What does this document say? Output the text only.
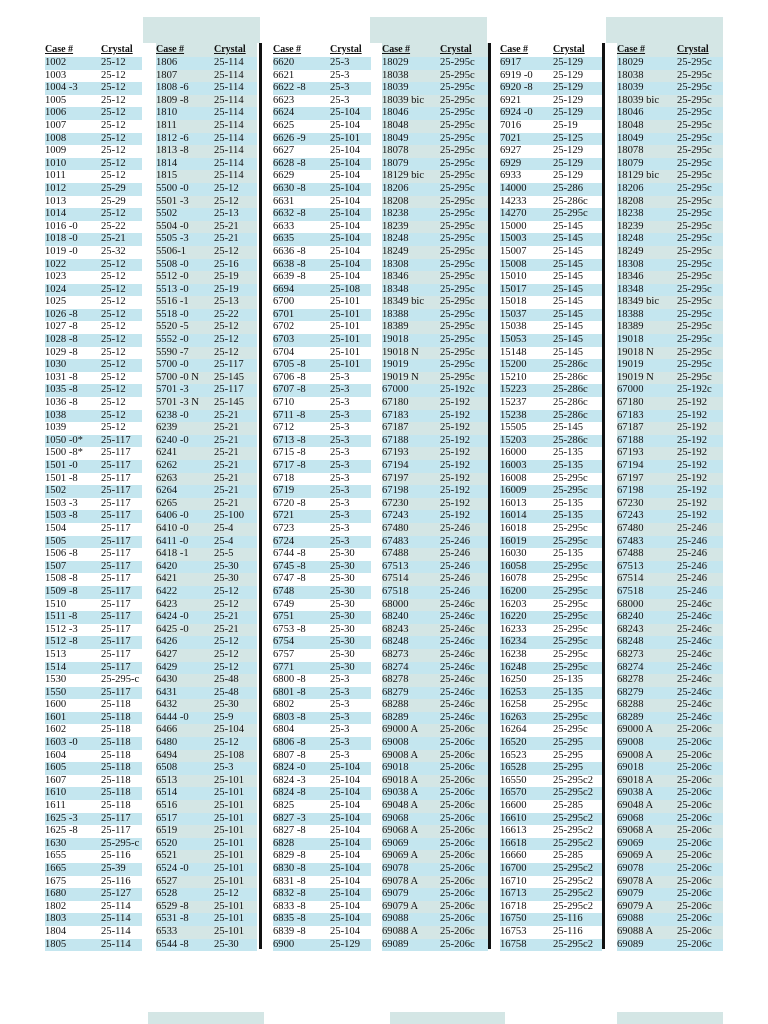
Case #	Crystal
1002	25-12
1003	25-12
1004 -3	25-12
1005	25-12
1006	25-12
1007	25-12
1008	25-12
1009	25-12
1010	25-12
1011	25-12
1012	25-29
1013	25-29
1014	25-12
1016 -0	25-22
1018 -0	25-21
1019 -0	25-32
1022	25-12
1023	25-12
1024	25-12
1025	25-12
1026 -8	25-12
1027 -8	25-12
1028 -8	25-12
1029 -8	25-12
1030	25-12
1031 -8	25-12
1035 -8	25-12
1036 -8	25-12
1038	25-12
1039	25-12
1050 -0*	25-117
1500 -8*	25-117
1501 -0	25-117
1501 -8	25-117
1502	25-117
1503 -3	25-117
1503 -8	25-117
1504	25-117
1505	25-117
1506 -8	25-117
1507	25-117
1508 -8	25-117
1509 -8	25-117
1510	25-117
1511 -8	25-117
1512 -3	25-117
1512 -8	25-117
1513	25-117
1514	25-117
1530	25-295-c
1550	25-117
1600	25-118
1601	25-118
1602	25-118
1603 -0	25-118
1604	25-118
1605	25-118
1607	25-118
1610	25-118
1611	25-118
1625 -3	25-117
1625 -8	25-117
1630	25-295-c
1655	25-116
1665	25-39
1675	25-116
1680	25-127
1802	25-114
1803	25-114
1804	25-114
1805	25-114
Case #	Crystal
1806	25-114
1807	25-114
1808 -6	25-114
1809 -8	25-114
1810	25-114
1811	25-114
1812 -6	25-114
1813 -8	25-114
1814	25-114
1815	25-114
5500 -0	25-12
5501 -3	25-12
5502	25-13
5504 -0	25-21
5505 -3	25-21
5506-1	25-12
5508 -0	25-16
5512 -0	25-19
5513 -0	25-19
5516 -1	25-13
5518 -0	25-22
5520 -5	25-12
5552 -0	25-12
5590 -7	25-12
5700 -0	25-117
5700 -0 N	25-145
5701 -3	25-117
5701 -3 N	25-145
6238 -0	25-21
6239	25-21
6240 -0	25-21
6241	25-21
6262	25-21
6263	25-21
6264	25-21
6265	25-21
6406 -0	25-100
6410 -0	25-4
6411 -0	25-4
6418 -1	25-5
6420	25-30
6421	25-30
6422	25-12
6423	25-12
6424 -0	25-21
6425 -0	25-21
6426	25-12
6427	25-12
6429	25-12
6430	25-48
6431	25-48
6432	25-30
6444 -0	25-9
6466	25-104
6480	25-12
6494	25-108
6508	25-3
6513	25-101
6514	25-101
6516	25-101
6517	25-101
6519	25-101
6520	25-101
6521	25-101
6524 -0	25-101
6527	25-101
6528	25-12
6529 -8	25-101
6531 -8	25-101
6533	25-101
6544 -8	25-30
Case #	Crystal
6620	25-3
6621	25-3
6622 -8	25-3
6623	25-3
6624	25-104
6625	25-104
6626 -9	25-101
6627	25-104
6628 -8	25-104
6629	25-104
6630 -8	25-104
6631	25-104
6632 -8	25-104
6633	25-104
6635	25-104
6636 -8	25-104
6638 -8	25-104
6639 -8	25-104
6694	25-108
6700	25-101
6701	25-101
6702	25-101
6703	25-101
6704	25-101
6705 -8	25-101
6706 -8	25-3
6707 -8	25-3
6710	25-3
6711 -8	25-3
6712	25-3
6713 -8	25-3
6715 -8	25-3
6717 -8	25-3
6718	25-3
6719	25-3
6720 -8	25-3
6721	25-3
6723	25-3
6724	25-3
6744 -8	25-30
6745 -8	25-30
6747 -8	25-30
6748	25-30
6749	25-30
6751	25-30
6753 -8	25-30
6754	25-30
6757	25-30
6771	25-30
6800 -8	25-3
6801 -8	25-3
6802	25-3
6803 -8	25-3
6804	25-3
6806 -8	25-3
6807 -8	25-3
6824 -0	25-104
6824 -3	25-104
6824 -8	25-104
6825	25-104
6827 -3	25-104
6827 -8	25-104
6828	25-104
6829 -8	25-104
6830 -8	25-104
6831 -8	25-104
6832 -8	25-104
6833 -8	25-104
6835 -8	25-104
6839 -8	25-104
6900	25-129
Case #	Crystal
18029	25-295c
18038	25-295c
18039	25-295c
18039 bic	25-295c
18046	25-295c
18048	25-295c
18049	25-295c
18078	25-295c
18079	25-295c
18129 bic	25-295c
18206	25-295c
18208	25-295c
18238	25-295c
18239	25-295c
18248	25-295c
18249	25-295c
18308	25-295c
18346	25-295c
18348	25-295c
18349 bic	25-295c
18388	25-295c
18389	25-295c
19018	25-295c
19018 N	25-295c
19019	25-295c
19019 N	25-295c
67000	25-192c
67180	25-192
67183	25-192
67187	25-192
67188	25-192
67193	25-192
67194	25-192
67197	25-192
67198	25-192
67230	25-192
67243	25-192
67480	25-246
67483	25-246
67488	25-246
67513	25-246
67514	25-246
67518	25-246
68000	25-246c
68240	25-246c
68243	25-246c
68248	25-246c
68273	25-246c
68274	25-246c
68278	25-246c
68279	25-246c
68288	25-246c
68289	25-246c
69000 A	25-206c
69008	25-206c
69008 A	25-206c
69018	25-206c
69018 A	25-206c
69038 A	25-206c
69048 A	25-206c
69068	25-206c
69068 A	25-206c
69069	25-206c
69069 A	25-206c
69078	25-206c
69078 A	25-206c
69079	25-206c
69079 A	25-206c
69088	25-206c
69088 A	25-206c
69089	25-206c
Case #	Crystal
6917	25-129
6919 -0	25-129
6920 -8	25-129
6921	25-129
6924 -0	25-129
7016	25-19
7021	25-125
6927	25-129
6929	25-129
6933	25-129
14000	25-286
14233	25-286c
14270	25-295c
15000	25-145
15003	25-145
15007	25-145
15008	25-145
15010	25-145
15017	25-145
15018	25-145
15037	25-145
15038	25-145
15053	25-145
15148	25-145
15200	25-286c
15210	25-286c
15223	25-286c
15237	25-286c
15238	25-286c
15505	25-145
15203	25-286c
16000	25-135
16003	25-135
16008	25-295c
16009	25-295c
16013	25-135
16014	25-135
16018	25-295c
16019	25-295c
16030	25-135
16058	25-295c
16078	25-295c
16200	25-295c
16203	25-295c
16220	25-295c
16233	25-295c
16234	25-295c
16238	25-295c
16248	25-295c
16250	25-135
16253	25-135
16258	25-295c
16263	25-295c
16264	25-295c
16520	25-295
16523	25-295
16528	25-295
16550	25-295c2
16570	25-295c2
16600	25-285
16610	25-295c2
16613	25-295c2
16618	25-295c2
16660	25-285
16700	25-295c2
16710	25-295c2
16713	25-295c2
16718	25-295c2
16750	25-116
16753	25-116
16758	25-295c2
Case #	Crystal
18029	25-295c
18038	25-295c
18039	25-295c
18039 bic	25-295c
18046	25-295c
18048	25-295c
18049	25-295c
18078	25-295c
18079	25-295c
18129 bic	25-295c
18206	25-295c
18208	25-295c
18238	25-295c
18239	25-295c
18248	25-295c
18249	25-295c
18308	25-295c
18346	25-295c
18348	25-295c
18349 bic	25-295c
18388	25-295c
18389	25-295c
19018	25-295c
19018 N	25-295c
19019	25-295c
19019 N	25-295c
67000	25-192c
67180	25-192
67183	25-192
67187	25-192
67188	25-192
67193	25-192
67194	25-192
67197	25-192
67198	25-192
67230	25-192
67243	25-192
67480	25-246
67483	25-246
67488	25-246
67513	25-246
67514	25-246
67518	25-246
68000	25-246c
68240	25-246c
68243	25-246c
68248	25-246c
68273	25-246c
68274	25-246c
68278	25-246c
68279	25-246c
68288	25-246c
68289	25-246c
69000 A	25-206c
69008	25-206c
69008 A	25-206c
69018	25-206c
69018 A	25-206c
69038 A	25-206c
69048 A	25-206c
69068	25-206c
69068 A	25-206c
69069	25-206c
69069 A	25-206c
69078	25-206c
69078 A	25-206c
69079	25-206c
69079 A	25-206c
69088	25-206c
69088 A	25-206c
69089	25-206c
